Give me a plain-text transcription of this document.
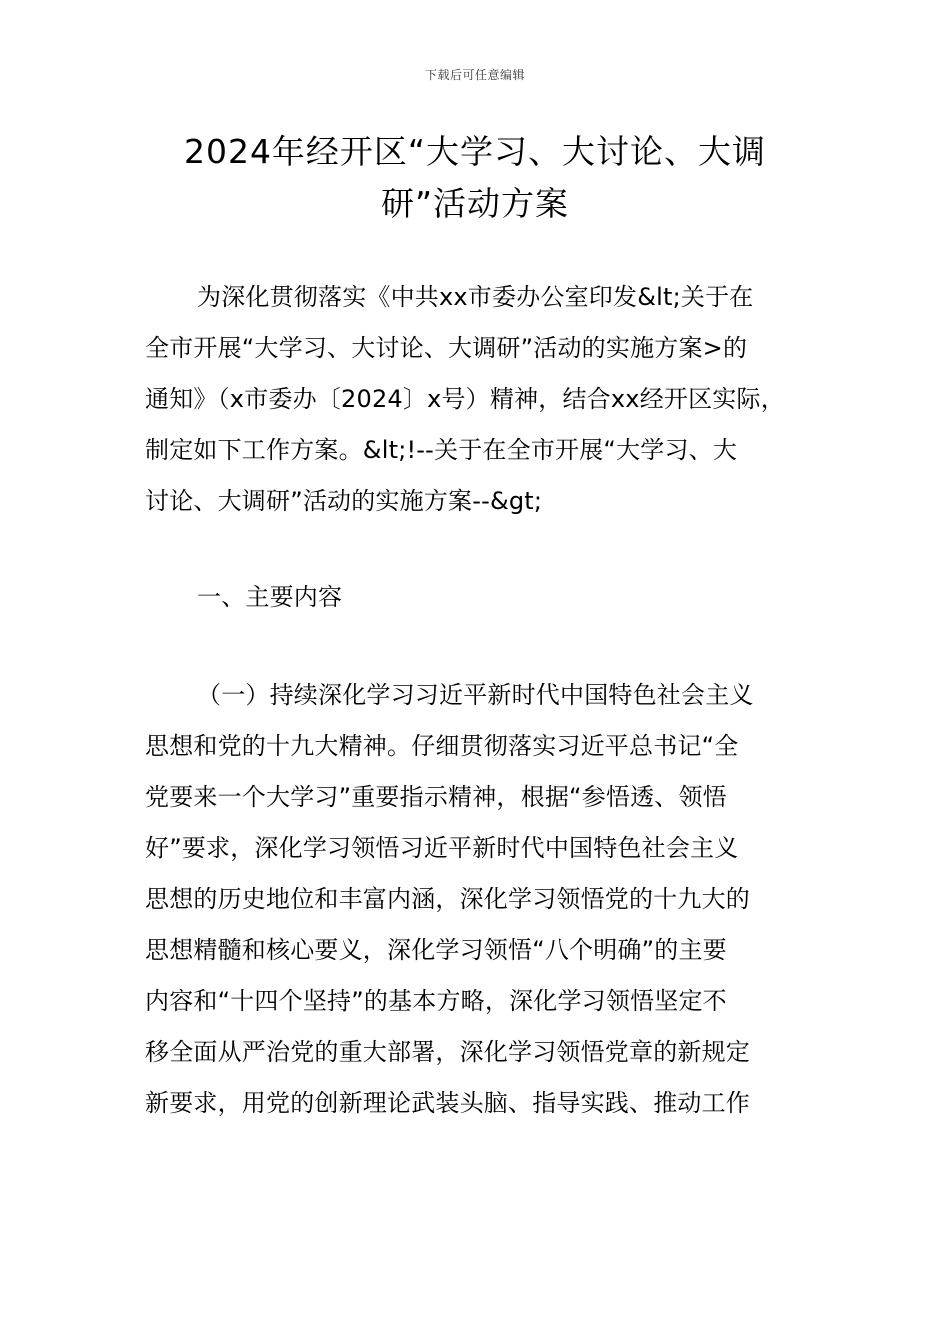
下载后可任意编辑
2024年经开区“大学习、大讨论、大调
研”活动方案
为深化贯彻落实《中共xx市委办公室印发&lt;关于在
全市开展“大学习、大讨论、大调研”活动的实施方案>的
通知》（x市委办〔2024〕x号）精神，结合xx经开区实际，
制定如下工作方案。&lt;!--关于在全市开展“大学习、大
讨论、大调研”活动的实施方案--&gt;
一、主要内容
（一）持续深化学习习近平新时代中国特色社会主义
思想和党的十九大精神。仔细贯彻落实习近平总书记“全
党要来一个大学习”重要指示精神，根据“参悟透、领悟
好”要求，深化学习领悟习近平新时代中国特色社会主义
思想的历史地位和丰富内涵，深化学习领悟党的十九大的
思想精髓和核心要义，深化学习领悟“八个明确”的主要
内容和“十四个坚持”的基本方略，深化学习领悟坚定不
移全面从严治党的重大部署，深化学习领悟党章的新规定
新要求，用党的创新理论武装头脑、指导实践、推动工作
